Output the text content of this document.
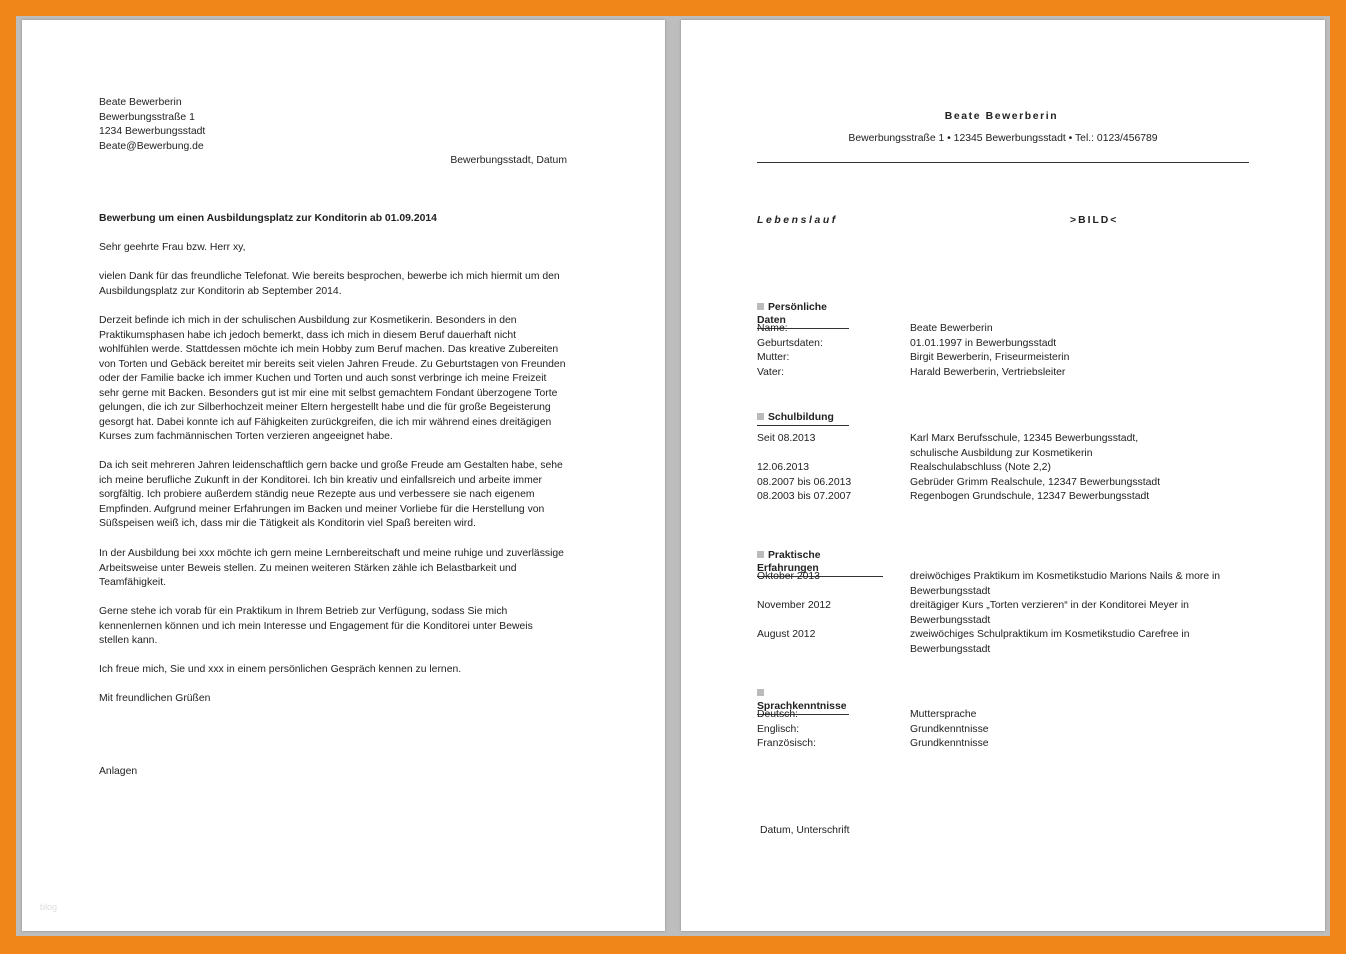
Beate Bewerberin
Bewerbungsstraße 1
1234 Bewerbungsstadt
Beate@Bewerbung.de
Bewerbungsstadt, Datum
Bewerbung um einen Ausbildungsplatz zur Konditorin ab 01.09.2014
Sehr geehrte Frau bzw. Herr xy,
vielen Dank für das freundliche Telefonat. Wie bereits besprochen, bewerbe ich mich hiermit um den
Ausbildungsplatz zur Konditorin ab September 2014.
Derzeit befinde ich mich in der schulischen Ausbildung zur Kosmetikerin. Besonders in den
Praktikumsphasen habe ich jedoch bemerkt, dass ich mich in diesem Beruf dauerhaft nicht
wohlfühlen werde. Stattdessen möchte ich mein Hobby zum Beruf machen. Das kreative Zubereiten
von Torten und Gebäck bereitet mir bereits seit vielen Jahren Freude. Zu Geburtstagen von Freunden
oder der Familie backe ich immer Kuchen und Torten und auch sonst verbringe ich meine Freizeit
sehr gerne mit Backen. Besonders gut ist mir eine mit selbst gemachtem Fondant überzogene Torte
gelungen, die ich zur Silberhochzeit meiner Eltern hergestellt habe und die für große Begeisterung
gesorgt hat. Dabei konnte ich auf Fähigkeiten zurückgreifen, die ich mir während eines dreitägigen
Kurses zum fachmännischen Torten verzieren angeeignet habe.
Da ich seit mehreren Jahren leidenschaftlich gern backe und große Freude am Gestalten habe, sehe
ich meine berufliche Zukunft in der Konditorei. Ich bin kreativ und einfallsreich und arbeite immer
sorgfältig. Ich probiere außerdem ständig neue Rezepte aus und verbessere sie nach eigenem
Empfinden. Aufgrund meiner Erfahrungen im Backen und meiner Vorliebe für die Herstellung von
Süßspeisen weiß ich, dass mir die Tätigkeit als Konditorin viel Spaß bereiten wird.
In der Ausbildung bei xxx möchte ich gern meine Lernbereitschaft und meine ruhige und zuverlässige
Arbeitsweise unter Beweis stellen. Zu meinen weiteren Stärken zähle ich Belastbarkeit und
Teamfähigkeit.
Gerne stehe ich vorab für ein Praktikum in Ihrem Betrieb zur Verfügung, sodass Sie mich
kennenlernen können und ich mein Interesse und Engagement für die Konditorei unter Beweis
stellen kann.
Ich freue mich, Sie und xxx in einem persönlichen Gespräch kennen zu lernen.
Mit freundlichen Grüßen
Anlagen
blog
Beate Bewerberin
Bewerbungsstraße 1 • 12345 Bewerbungsstadt • Tel.: 0123/456789
Lebenslauf	>BILD<
Persönliche Daten
Name:	Beate Bewerberin
Geburtsdaten:	01.01.1997 in Bewerbungsstadt
Mutter:	Birgit Bewerberin, Friseurmeisterin
Vater:	Harald Bewerberin, Vertriebsleiter
Schulbildung
Seit 08.2013	Karl Marx Berufsschule, 12345 Bewerbungsstadt,
schulische Ausbildung zur Kosmetikerin
12.06.2013	Realschulabschluss (Note 2,2)
08.2007 bis 06.2013	Gebrüder Grimm Realschule, 12347 Bewerbungsstadt
08.2003 bis 07.2007	Regenbogen Grundschule, 12347 Bewerbungsstadt
Praktische Erfahrungen
Oktober 2013	dreiwöchiges Praktikum im Kosmetikstudio Marions Nails & more in
Bewerbungsstadt
November 2012	dreitägiger Kurs „Torten verzieren“ in der Konditorei Meyer in
Bewerbungsstadt
August 2012	zweiwöchiges Schulpraktikum im Kosmetikstudio Carefree in
Bewerbungsstadt
Sprachkenntnisse
Deutsch:	Muttersprache
Englisch:	Grundkenntnisse
Französisch:	Grundkenntnisse
Datum, Unterschrift
